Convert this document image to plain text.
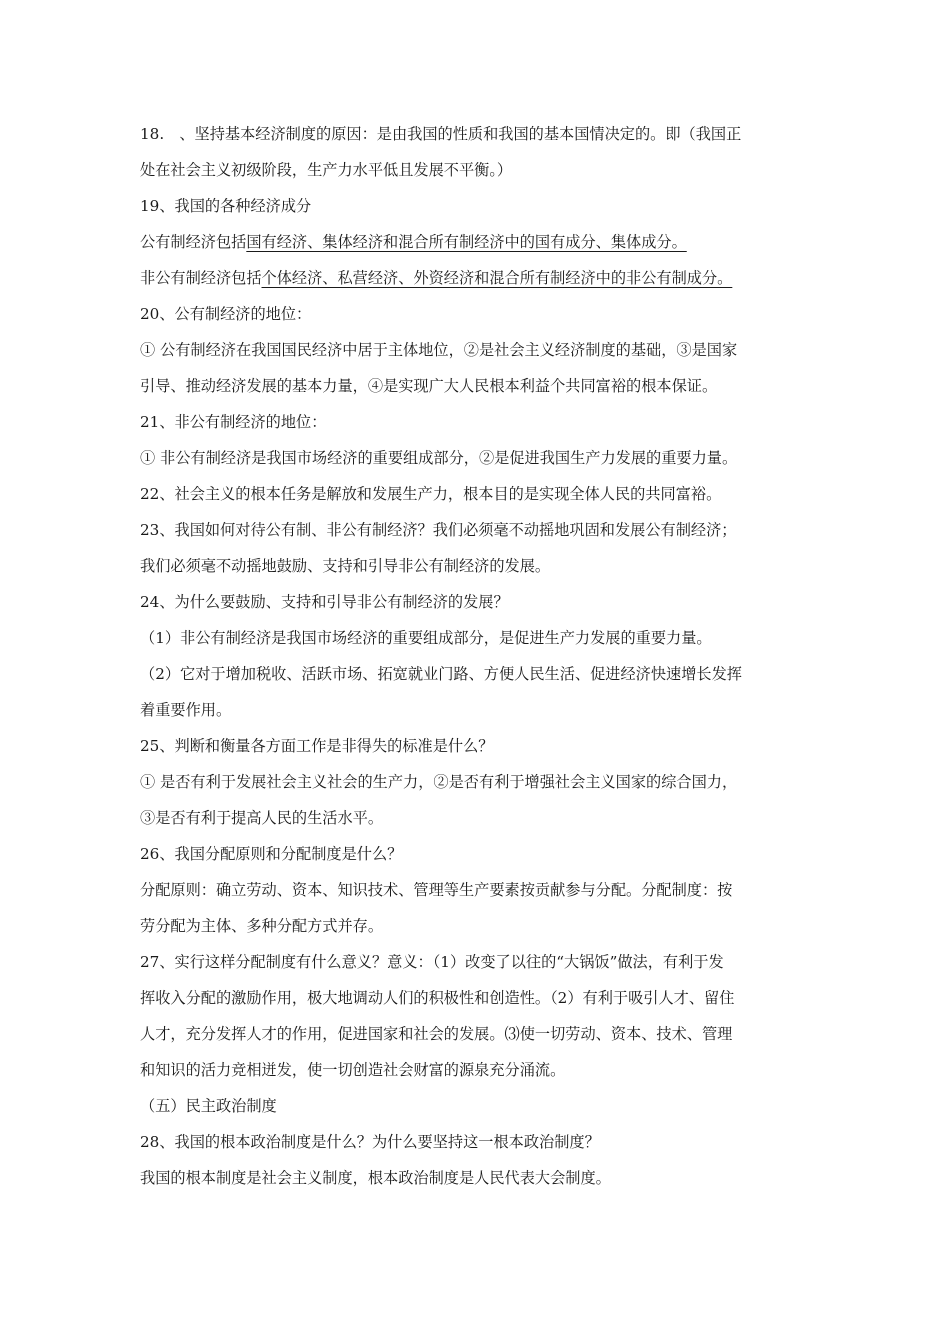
18.　、坚持基本经济制度的原因：是由我国的性质和我国的基本国情决定的。即（我国正
处在社会主义初级阶段，生产力水平低且发展不平衡。）
19、我国的各种经济成分
公有制经济包括国有经济、集体经济和混合所有制经济中的国有成分、集体成分。
非公有制经济包括个体经济、私营经济、外资经济和混合所有制经济中的非公有制成分。
20、公有制经济的地位：
① 公有制经济在我国国民经济中居于主体地位，②是社会主义经济制度的基础，③是国家
引导、推动经济发展的基本力量，④是实现广大人民根本利益个共同富裕的根本保证。
21、非公有制经济的地位：
① 非公有制经济是我国市场经济的重要组成部分，②是促进我国生产力发展的重要力量。
22、社会主义的根本任务是解放和发展生产力，根本目的是实现全体人民的共同富裕。
23、我国如何对待公有制、非公有制经济？我们必须毫不动摇地巩固和发展公有制经济；
我们必须毫不动摇地鼓励、支持和引导非公有制经济的发展。
24、为什么要鼓励、支持和引导非公有制经济的发展？
（1）非公有制经济是我国市场经济的重要组成部分，是促进生产力发展的重要力量。
（2）它对于增加税收、活跃市场、拓宽就业门路、方便人民生活、促进经济快速增长发挥
着重要作用。
25、判断和衡量各方面工作是非得失的标准是什么？
① 是否有利于发展社会主义社会的生产力，②是否有利于增强社会主义国家的综合国力，
③是否有利于提高人民的生活水平。
26、我国分配原则和分配制度是什么？
分配原则：确立劳动、资本、知识技术、管理等生产要素按贡献参与分配。分配制度：按
劳分配为主体、多种分配方式并存。
27、实行这样分配制度有什么意义？意义：（1）改变了以往的“大锅饭”做法，有利于发
挥收入分配的激励作用，极大地调动人们的积极性和创造性。（2）有利于吸引人才、留住
人才，充分发挥人才的作用，促进国家和社会的发展。⑶使一切劳动、资本、技术、管理
和知识的活力竞相迸发，使一切创造社会财富的源泉充分涌流。
（五）民主政治制度
28、我国的根本政治制度是什么？为什么要坚持这一根本政治制度？
我国的根本制度是社会主义制度，根本政治制度是人民代表大会制度。
